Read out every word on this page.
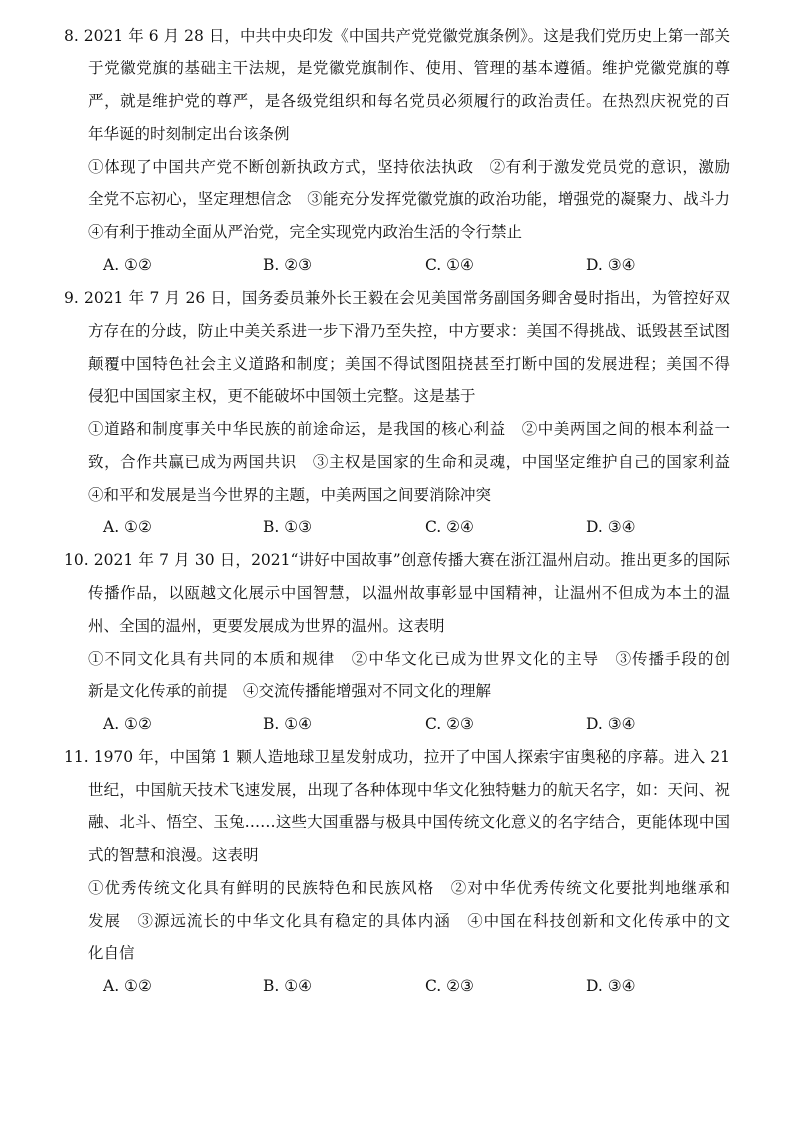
8. 2021 年 6 月 28 日，中共中央印发《中国共产党党徽党旗条例》。这是我们党历史上第一部关
于党徽党旗的基础主干法规，是党徽党旗制作、使用、管理的基本遵循。维护党徽党旗的尊
严，就是维护党的尊严，是各级党组织和每名党员必须履行的政治责任。在热烈庆祝党的百
年华诞的时刻制定出台该条例
①体现了中国共产党不断创新执政方式，坚持依法执政　②有利于激发党员党的意识，激励
全党不忘初心，坚定理想信念　③能充分发挥党徽党旗的政治功能，增强党的凝聚力、战斗力
④有利于推动全面从严治党，完全实现党内政治生活的令行禁止
A. ①②	B. ②③	C. ①④	D. ③④
9. 2021 年 7 月 26 日，国务委员兼外长王毅在会见美国常务副国务卿舍曼时指出，为管控好双
方存在的分歧，防止中美关系进一步下滑乃至失控，中方要求：美国不得挑战、诋毁甚至试图
颠覆中国特色社会主义道路和制度；美国不得试图阻挠甚至打断中国的发展进程；美国不得
侵犯中国国家主权，更不能破坏中国领土完整。这是基于
①道路和制度事关中华民族的前途命运，是我国的核心利益　②中美两国之间的根本利益一
致，合作共赢已成为两国共识　③主权是国家的生命和灵魂，中国坚定维护自己的国家利益
④和平和发展是当今世界的主题，中美两国之间要消除冲突
A. ①②	B. ①③	C. ②④	D. ③④
10. 2021 年 7 月 30 日，2021“讲好中国故事”创意传播大赛在浙江温州启动。推出更多的国际
传播作品，以瓯越文化展示中国智慧，以温州故事彰显中国精神，让温州不但成为本土的温
州、全国的温州，更要发展成为世界的温州。这表明
①不同文化具有共同的本质和规律　②中华文化已成为世界文化的主导　③传播手段的创
新是文化传承的前提　④交流传播能增强对不同文化的理解
A. ①②	B. ①④	C. ②③	D. ③④
11. 1970 年，中国第 1 颗人造地球卫星发射成功，拉开了中国人探索宇宙奥秘的序幕。进入 21
世纪，中国航天技术飞速发展，出现了各种体现中华文化独特魅力的航天名字，如：天问、祝
融、北斗、悟空、玉兔……这些大国重器与极具中国传统文化意义的名字结合，更能体现中国
式的智慧和浪漫。这表明
①优秀传统文化具有鲜明的民族特色和民族风格　②对中华优秀传统文化要批判地继承和
发展　③源远流长的中华文化具有稳定的具体内涵　④中国在科技创新和文化传承中的文
化自信
A. ①②	B. ①④	C. ②③	D. ③④
